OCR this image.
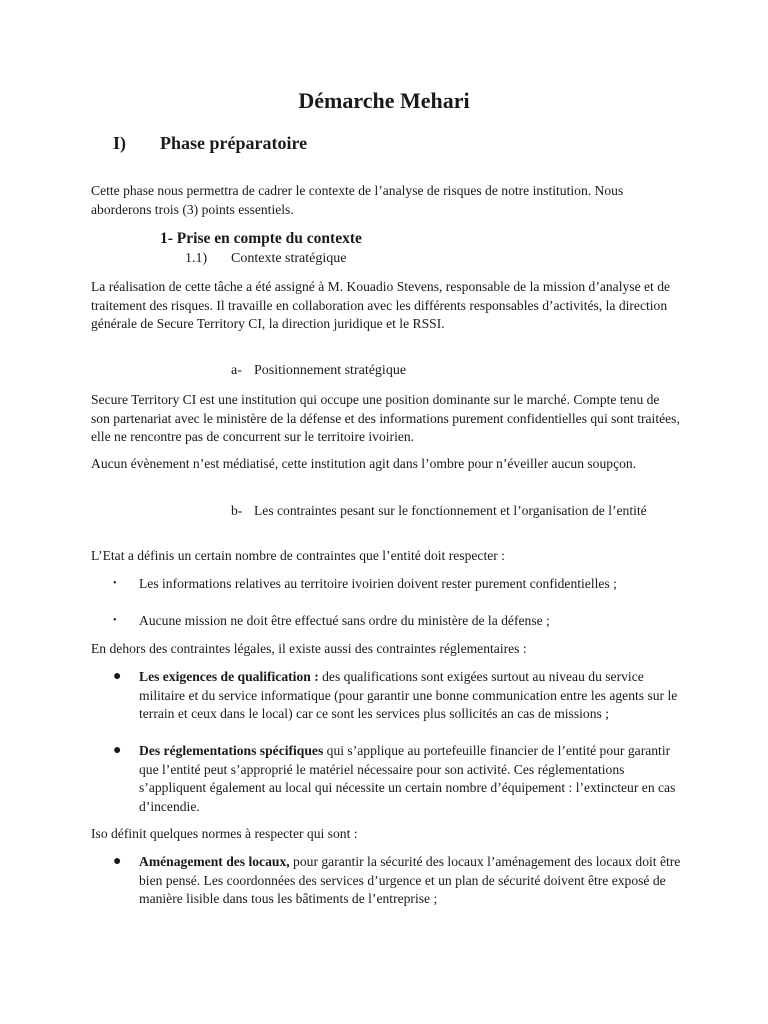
Démarche Mehari
I) Phase préparatoire

Cette phase nous permettra de cadrer le contexte de l’analyse de risques de notre institution. Nous aborderons trois (3) points essentiels.

1- Prise en compte du contexte
1.1) Contexte stratégique

La réalisation de cette tâche a été assigné à M. Kouadio Stevens, responsable de la mission d’analyse et de traitement des risques. Il travaille en collaboration avec les différents responsables d’activités, la direction générale de Secure Territory CI, la direction juridique et le RSSI.

a- Positionnement stratégique

Secure Territory CI est une institution qui occupe une position dominante sur le marché. Compte tenu de son partenariat avec le ministère de la défense et des informations purement confidentielles qui sont traitées, elle ne rencontre pas de concurrent sur le territoire ivoirien.

Aucun évènement n’est médiatisé, cette institution agit dans l’ombre pour n’éveiller aucun soupçon.

b- Les contraintes pesant sur le fonctionnement et l’organisation de l’entité

L’Etat a définis un certain nombre de contraintes que l’entité doit respecter :

•	Les informations relatives au territoire ivoirien doivent rester purement confidentielles ;
•	Aucune mission ne doit être effectué sans ordre du ministère de la défense ;

En dehors des contraintes légales, il existe aussi des contraintes réglementaires :

●	Les exigences de qualification : des qualifications sont exigées surtout au niveau du service militaire et du service informatique (pour garantir une bonne communication entre les agents sur le terrain et ceux dans le local) car ce sont les services plus sollicités an cas de missions ;
●	Des réglementations spécifiques qui s’applique au portefeuille financier de l’entité pour garantir que l’entité peut s’approprié le matériel nécessaire pour son activité. Ces réglementations s’appliquent également au local qui nécessite un certain nombre d’équipement : l’extincteur en cas d’incendie.

Iso définit quelques normes à respecter qui sont :

●	Aménagement des locaux, pour garantir la sécurité des locaux l’aménagement des locaux doit être bien pensé. Les coordonnées des services d’urgence et un plan de sécurité doivent être exposé de manière lisible dans tous les bâtiments de l’entreprise ;
